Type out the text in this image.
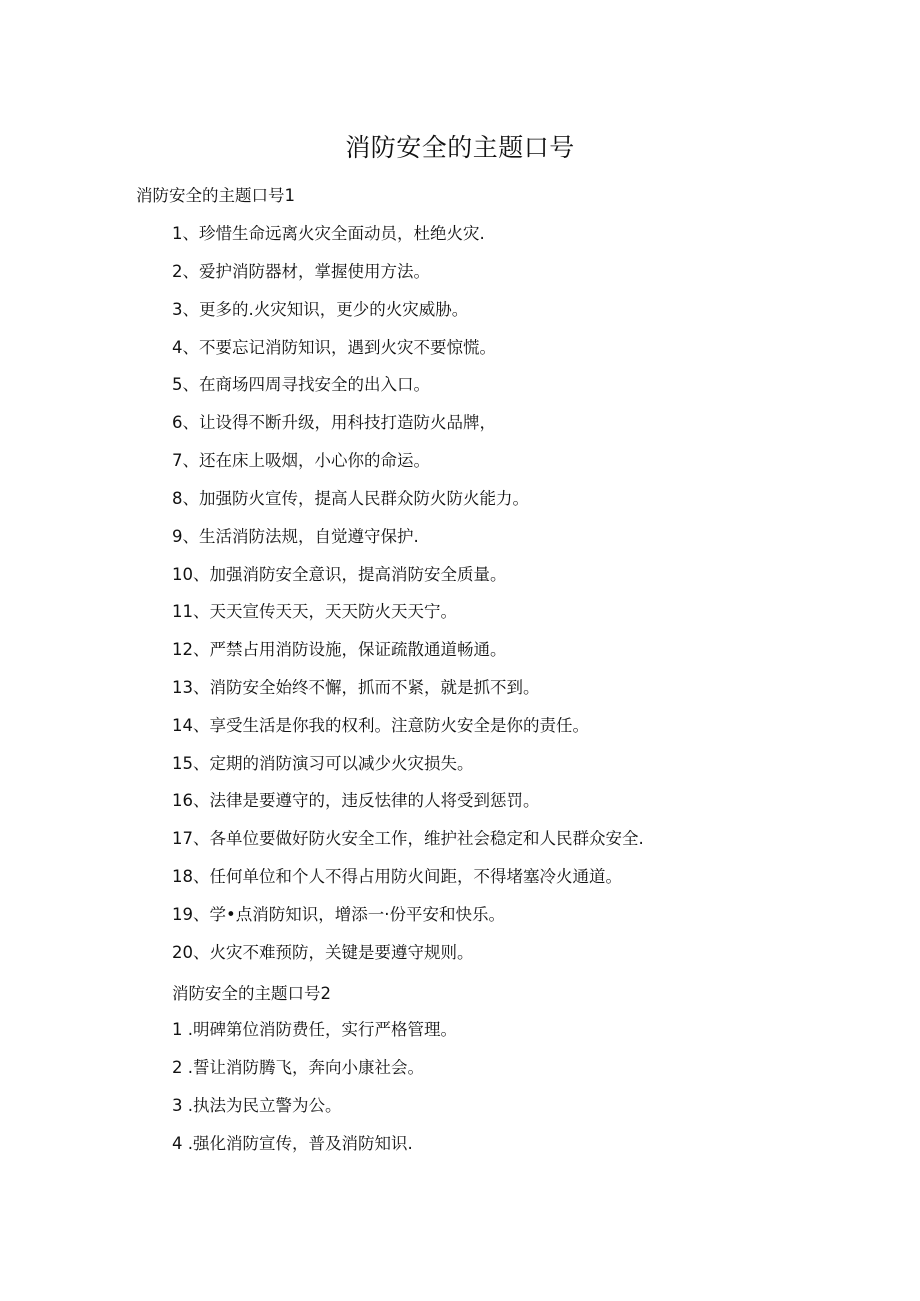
消防安全的主题口号

消防安全的主题口号1

1、珍惜生命远离火灾全面动员，杜绝火灾.

2、爱护消防器材，掌握使用方法。

3、更多的.火灾知识，更少的火灾威胁。

4、不要忘记消防知识，遇到火灾不要惊慌。

5、在商场四周寻找安全的出入口。

6、让设得不断升级，用科技打造防火品牌，

7、还在床上吸烟，小心你的命运。

8、加强防火宣传，提高人民群众防火防火能力。

9、生活消防法规，自觉遵守保护.

10、加强消防安全意识，提高消防安全质量。

11、天天宣传天天，天天防火天天宁。

12、严禁占用消防设施，保证疏散通道畅通。

13、消防安全始终不懈，抓而不紧，就是抓不到。

14、享受生活是你我的权利。注意防火安全是你的责任。

15、定期的消防演习可以减少火灾损失。

16、法律是要遵守的，违反怯律的人将受到惩罚。

17、各单位要做好防火安全工作，维护社会稳定和人民群众安全.

18、任何单位和个人不得占用防火间距，不得堵塞冷火通道。

19、学•点消防知识，增添一·份平安和快乐。

20、火灾不难预防，关键是要遵守规则。

消防安全的主题口号2

1 .明碑第位消防费任，实行严格管理。

2 .誓让消防腾飞，奔向小康社会。

3 .执法为民立警为公。

4 .强化消防宣传，普及消防知识.
